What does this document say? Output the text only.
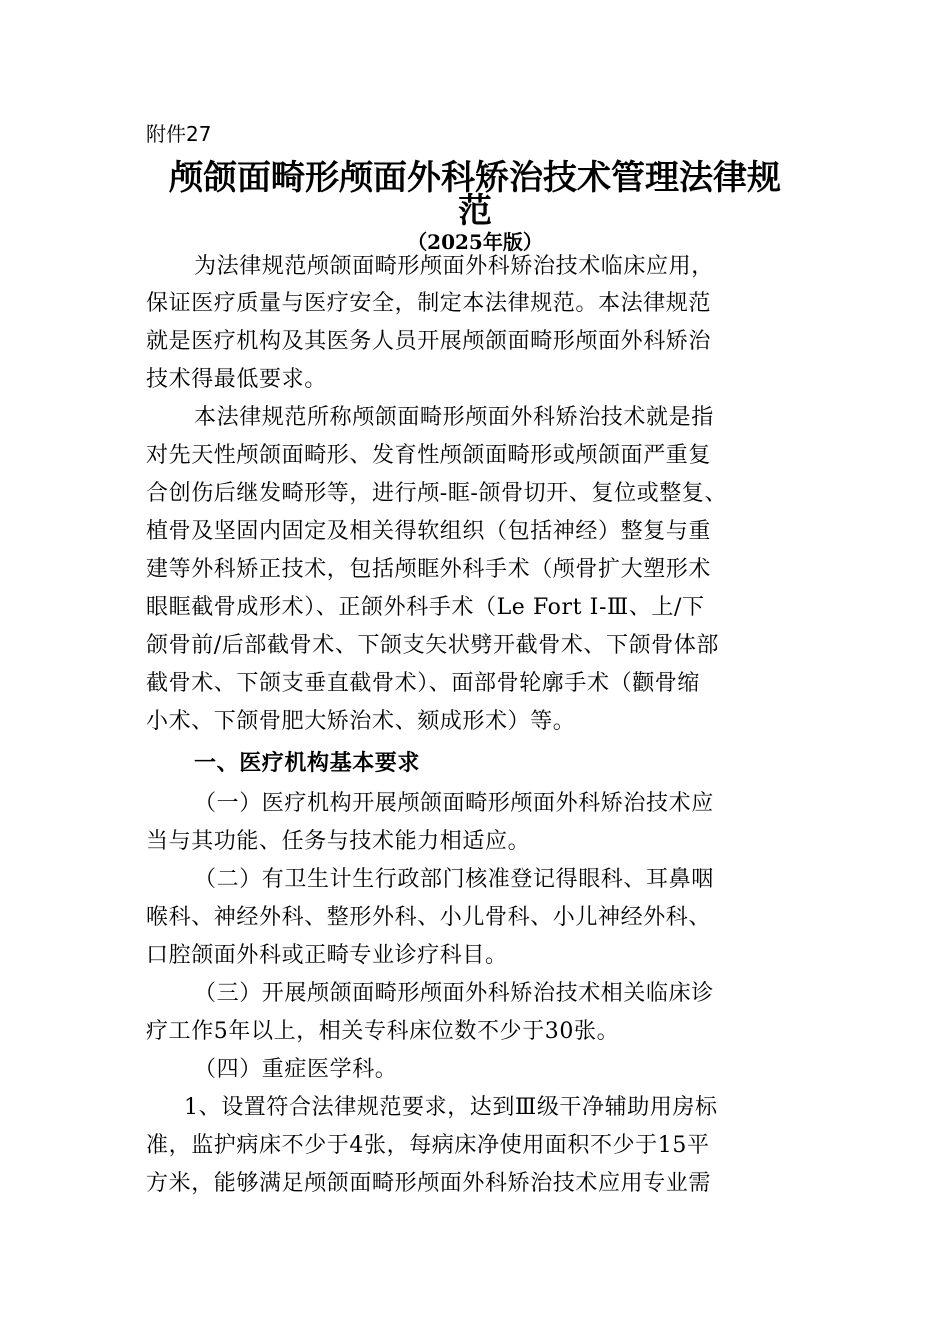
附件27
颅颌面畸形颅面外科矫治技术管理法律规
范
（2025年版）
为法律规范颅颌面畸形颅面外科矫治技术临床应用，
保证医疗质量与医疗安全，制定本法律规范。本法律规范
就是医疗机构及其医务人员开展颅颌面畸形颅面外科矫治
技术得最低要求。
本法律规范所称颅颌面畸形颅面外科矫治技术就是指
对先天性颅颌面畸形、发育性颅颌面畸形或颅颌面严重复
合创伤后继发畸形等，进行颅-眶-颌骨切开、复位或整复、
植骨及坚固内固定及相关得软组织（包括神经）整复与重
建等外科矫正技术，包括颅眶外科手术（颅骨扩大塑形术
眼眶截骨成形术）、正颌外科手术（Le Fort Ⅰ-Ⅲ、上/下
颌骨前/后部截骨术、下颌支矢状劈开截骨术、下颌骨体部
截骨术、下颌支垂直截骨术）、面部骨轮廓手术（颧骨缩
小术、下颌骨肥大矫治术、颏成形术）等。
一、医疗机构基本要求
（一）医疗机构开展颅颌面畸形颅面外科矫治技术应
当与其功能、任务与技术能力相适应。
（二）有卫生计生行政部门核准登记得眼科、耳鼻咽
喉科、神经外科、整形外科、小儿骨科、小儿神经外科、
口腔颌面外科或正畸专业诊疗科目。
（三）开展颅颌面畸形颅面外科矫治技术相关临床诊
疗工作5年以上，相关专科床位数不少于30张。
（四）重症医学科。
1、设置符合法律规范要求，达到Ⅲ级干净辅助用房标
准，监护病床不少于4张，每病床净使用面积不少于15平
方米，能够满足颅颌面畸形颅面外科矫治技术应用专业需
